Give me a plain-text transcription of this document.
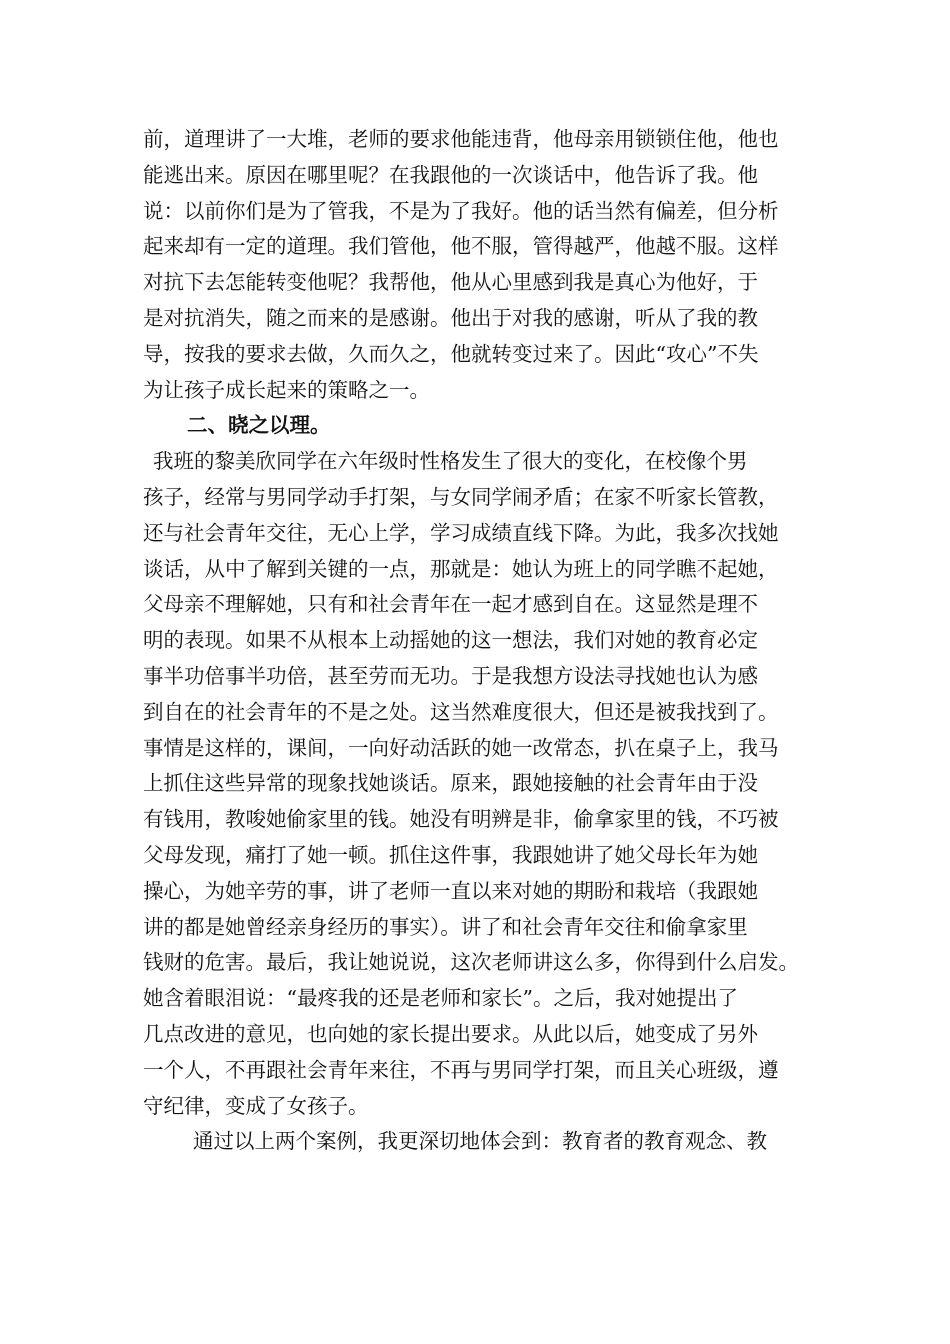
前，道理讲了一大堆，老师的要求他能违背，他母亲用锁锁住他，他也
能逃出来。原因在哪里呢？在我跟他的一次谈话中，他告诉了我。他
说：以前你们是为了管我，不是为了我好。他的话当然有偏差，但分析
起来却有一定的道理。我们管他，他不服，管得越严，他越不服。这样
对抗下去怎能转变他呢？我帮他，他从心里感到我是真心为他好，于
是对抗消失，随之而来的是感谢。他出于对我的感谢，听从了我的教
导，按我的要求去做，久而久之，他就转变过来了。因此“攻心”不失
为让孩子成长起来的策略之一。
二、晓之以理。
我班的黎美欣同学在六年级时性格发生了很大的变化，在校像个男
孩子，经常与男同学动手打架，与女同学闹矛盾；在家不听家长管教，
还与社会青年交往，无心上学，学习成绩直线下降。为此，我多次找她
谈话，从中了解到关键的一点，那就是：她认为班上的同学瞧不起她，
父母亲不理解她，只有和社会青年在一起才感到自在。这显然是理不
明的表现。如果不从根本上动摇她的这一想法，我们对她的教育必定
事半功倍事半功倍，甚至劳而无功。于是我想方设法寻找她也认为感
到自在的社会青年的不是之处。这当然难度很大，但还是被我找到了。
事情是这样的，课间，一向好动活跃的她一改常态，扒在桌子上，我马
上抓住这些异常的现象找她谈话。原来，跟她接触的社会青年由于没
有钱用，教唆她偷家里的钱。她没有明辨是非，偷拿家里的钱，不巧被
父母发现，痛打了她一顿。抓住这件事，我跟她讲了她父母长年为她
操心，为她辛劳的事，讲了老师一直以来对她的期盼和栽培（我跟她
讲的都是她曾经亲身经历的事实）。讲了和社会青年交往和偷拿家里
钱财的危害。最后，我让她说说，这次老师讲这么多，你得到什么启发。
她含着眼泪说：“最疼我的还是老师和家长”。之后，我对她提出了
几点改进的意见，也向她的家长提出要求。从此以后，她变成了另外
一个人，不再跟社会青年来往，不再与男同学打架，而且关心班级，遵
守纪律，变成了女孩子。
通过以上两个案例，我更深切地体会到：教育者的教育观念、教
